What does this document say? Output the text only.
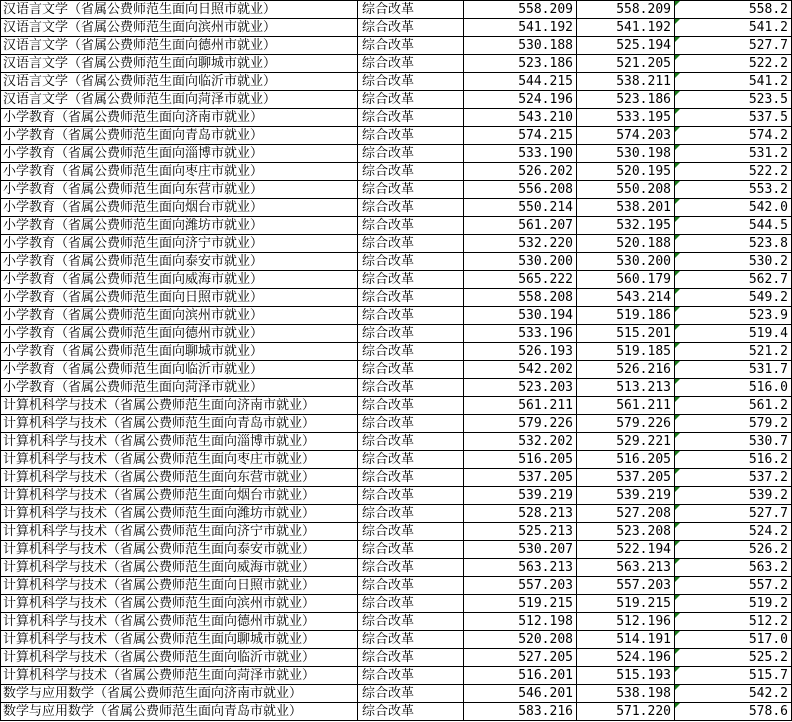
汉语言文学（省属公费师范生面向日照市就业）	综合改革	558.209	558.209	558.2
汉语言文学（省属公费师范生面向滨州市就业）	综合改革	541.192	541.192	541.2
汉语言文学（省属公费师范生面向德州市就业）	综合改革	530.188	525.194	527.7
汉语言文学（省属公费师范生面向聊城市就业）	综合改革	523.186	521.205	522.2
汉语言文学（省属公费师范生面向临沂市就业）	综合改革	544.215	538.211	541.2
汉语言文学（省属公费师范生面向菏泽市就业）	综合改革	524.196	523.186	523.5
小学教育（省属公费师范生面向济南市就业）	综合改革	543.210	533.195	537.5
小学教育（省属公费师范生面向青岛市就业）	综合改革	574.215	574.203	574.2
小学教育（省属公费师范生面向淄博市就业）	综合改革	533.190	530.198	531.2
小学教育（省属公费师范生面向枣庄市就业）	综合改革	526.202	520.195	522.2
小学教育（省属公费师范生面向东营市就业）	综合改革	556.208	550.208	553.2
小学教育（省属公费师范生面向烟台市就业）	综合改革	550.214	538.201	542.0
小学教育（省属公费师范生面向潍坊市就业）	综合改革	561.207	532.195	544.5
小学教育（省属公费师范生面向济宁市就业）	综合改革	532.220	520.188	523.8
小学教育（省属公费师范生面向泰安市就业）	综合改革	530.200	530.200	530.2
小学教育（省属公费师范生面向威海市就业）	综合改革	565.222	560.179	562.7
小学教育（省属公费师范生面向日照市就业）	综合改革	558.208	543.214	549.2
小学教育（省属公费师范生面向滨州市就业）	综合改革	530.194	519.186	523.9
小学教育（省属公费师范生面向德州市就业）	综合改革	533.196	515.201	519.4
小学教育（省属公费师范生面向聊城市就业）	综合改革	526.193	519.185	521.2
小学教育（省属公费师范生面向临沂市就业）	综合改革	542.202	526.216	531.7
小学教育（省属公费师范生面向菏泽市就业）	综合改革	523.203	513.213	516.0
计算机科学与技术（省属公费师范生面向济南市就业）	综合改革	561.211	561.211	561.2
计算机科学与技术（省属公费师范生面向青岛市就业）	综合改革	579.226	579.226	579.2
计算机科学与技术（省属公费师范生面向淄博市就业）	综合改革	532.202	529.221	530.7
计算机科学与技术（省属公费师范生面向枣庄市就业）	综合改革	516.205	516.205	516.2
计算机科学与技术（省属公费师范生面向东营市就业）	综合改革	537.205	537.205	537.2
计算机科学与技术（省属公费师范生面向烟台市就业）	综合改革	539.219	539.219	539.2
计算机科学与技术（省属公费师范生面向潍坊市就业）	综合改革	528.213	527.208	527.7
计算机科学与技术（省属公费师范生面向济宁市就业）	综合改革	525.213	523.208	524.2
计算机科学与技术（省属公费师范生面向泰安市就业）	综合改革	530.207	522.194	526.2
计算机科学与技术（省属公费师范生面向威海市就业）	综合改革	563.213	563.213	563.2
计算机科学与技术（省属公费师范生面向日照市就业）	综合改革	557.203	557.203	557.2
计算机科学与技术（省属公费师范生面向滨州市就业）	综合改革	519.215	519.215	519.2
计算机科学与技术（省属公费师范生面向德州市就业）	综合改革	512.198	512.196	512.2
计算机科学与技术（省属公费师范生面向聊城市就业）	综合改革	520.208	514.191	517.0
计算机科学与技术（省属公费师范生面向临沂市就业）	综合改革	527.205	524.196	525.2
计算机科学与技术（省属公费师范生面向菏泽市就业）	综合改革	516.201	515.193	515.7
数学与应用数学（省属公费师范生面向济南市就业）	综合改革	546.201	538.198	542.2
数学与应用数学（省属公费师范生面向青岛市就业）	综合改革	583.216	571.220	578.6
